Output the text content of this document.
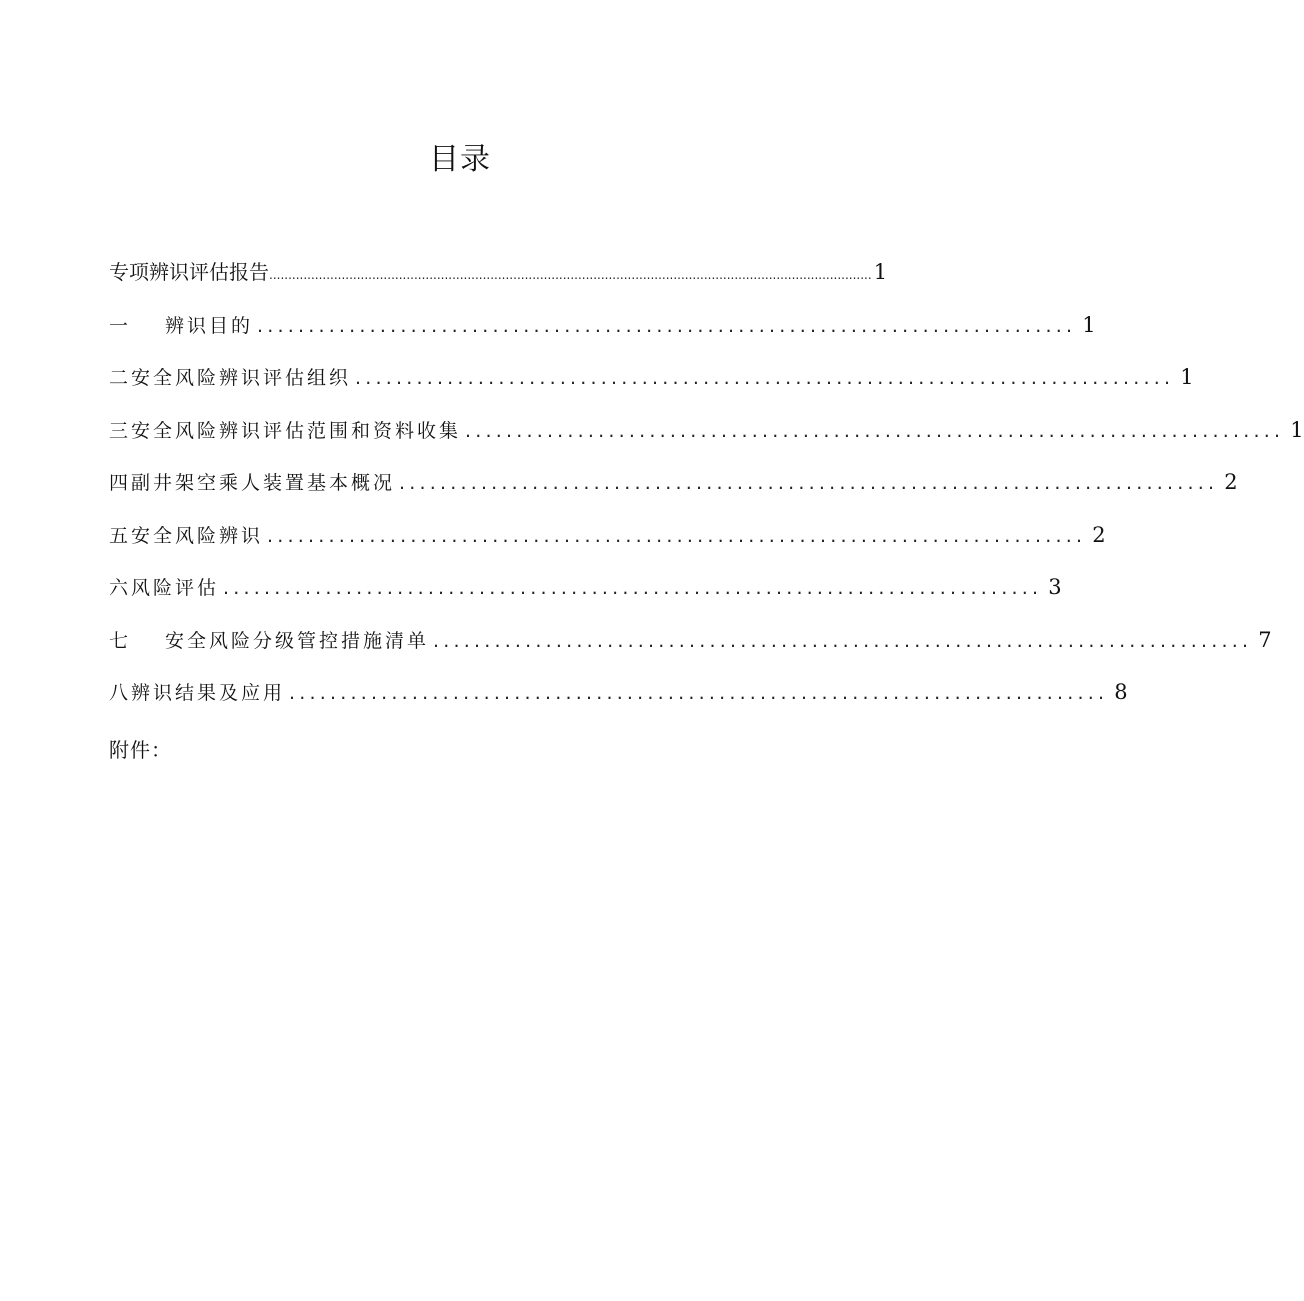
目录
专项辨识评估报告 .............................................................................................................................................................. 1
一	辨识目的 ................................................................................ 1
二 安全风险辨识评估组织 ................................................................................ 1
三 安全风险辨识评估范围和资料收集 ................................................................................ 1
四 副井架空乘人装置基本概况 ................................................................................ 2
五 安全风险辨识 ................................................................................ 2
六 风险评估 ................................................................................ 3
七	安全风险分级管控措施清单 ................................................................................ 7
八 辨识结果及应用 ................................................................................ 8
附件：
